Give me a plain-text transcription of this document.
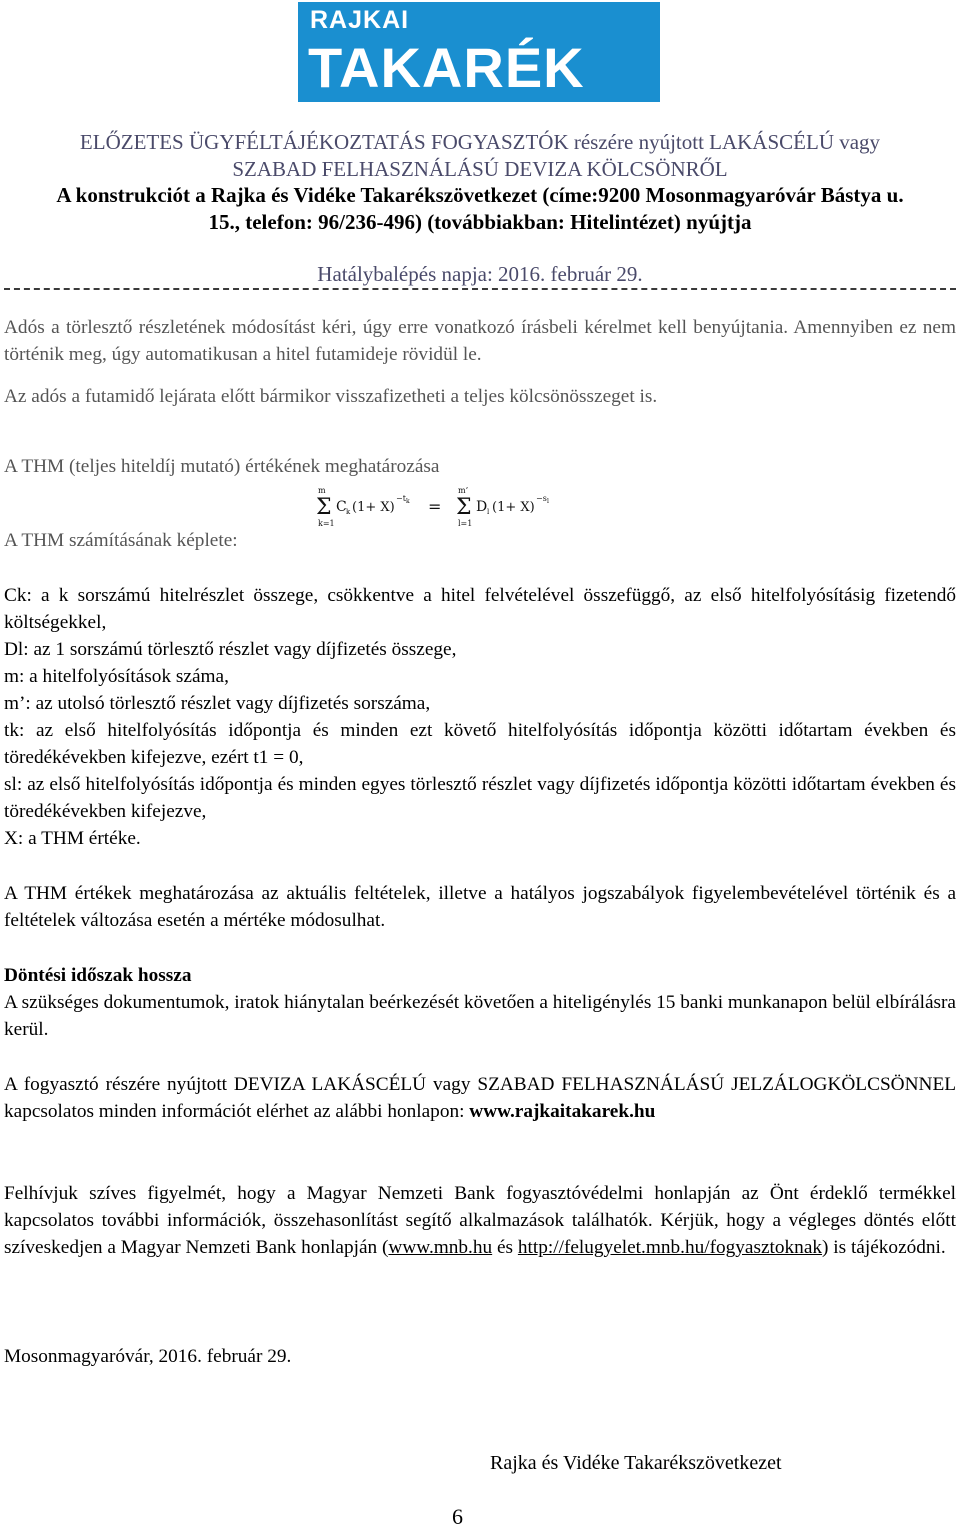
RAJKAI
TAKARÉK
ELŐZETES ÜGYFÉLTÁJÉKOZTATÁS FOGYASZTÓK részére nyújtott LAKÁSCÉLÚ vagy
SZABAD FELHASZNÁLÁSÚ DEVIZA KÖLCSÖNRŐL
A konstrukciót a Rajka és Vidéke Takarékszövetkezet (címe:9200 Mosonmagyaróvár Bástya u.
15., telefon: 96/236-496) (továbbiakban: Hitelintézet) nyújtja
Hatálybalépés napja: 2016. február 29.
Adós a törlesztő részletének módosítást kéri, úgy erre vonatkozó írásbeli kérelmet kell benyújtania. Amennyiben ez nem történik meg, úgy automatikusan a hitel futamideje rövidül le.
Az adós a futamidő lejárata előtt bármikor visszafizetheti a teljes kölcsönösszeget is.
A THM (teljes hiteldíj mutató) értékének meghatározása
A THM számításának képlete:
m
Σ
k=1
C k (1+ X)
−t k =
m’
Σ
l=1
D l (1+ X)
−s l
Ck: a k sorszámú hitelrészlet összege, csökkentve a hitel felvételével összefüggő, az első hitelfolyósításig fizetendő költségekkel,
Dl: az 1 sorszámú törlesztő részlet vagy díjfizetés összege,
m: a hitelfolyósítások száma,
m’: az utolsó törlesztő részlet vagy díjfizetés sorszáma,
tk: az első hitelfolyósítás időpontja és minden ezt követő hitelfolyósítás időpontja közötti időtartam években és töredékévekben kifejezve, ezért t1 = 0,
sl: az első hitelfolyósítás időpontja és minden egyes törlesztő részlet vagy díjfizetés időpontja közötti időtartam években és töredékévekben kifejezve,
X: a THM értéke.
A THM értékek meghatározása az aktuális feltételek, illetve a hatályos jogszabályok figyelembevételével történik és a feltételek változása esetén a mértéke módosulhat.
Döntési időszak hossza
A szükséges dokumentumok, iratok hiánytalan beérkezését követően a hiteligénylés 15 banki munkanapon belül elbírálásra kerül.
A fogyasztó részére nyújtott DEVIZA LAKÁSCÉLÚ vagy SZABAD FELHASZNÁLÁSÚ JELZÁLOGKÖLCSÖNNEL kapcsolatos minden információt elérhet az alábbi honlapon: www.rajkaitakarek.hu
Felhívjuk szíves figyelmét, hogy a Magyar Nemzeti Bank fogyasztóvédelmi honlapján az Önt érdeklő termékkel kapcsolatos további információk, összehasonlítást segítő alkalmazások találhatók. Kérjük, hogy a végleges döntés előtt szíveskedjen a Magyar Nemzeti Bank honlapján (www.mnb.hu és http://felugyelet.mnb.hu/fogyasztoknak) is tájékozódni.
Mosonmagyaróvár, 2016. február 29.
Rajka és Vidéke Takarékszövetkezet
6
